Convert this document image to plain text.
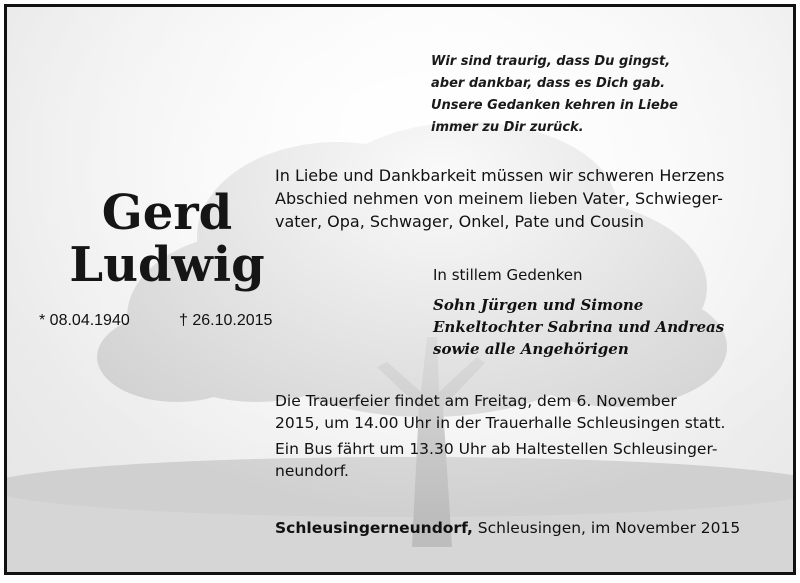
Wir sind traurig, dass Du gingst,
aber dankbar, dass es Dich gab.
Unsere Gedanken kehren in Liebe
immer zu Dir zurück.
In Liebe und Dankbarkeit müssen wir schweren Herzens
Abschied nehmen von meinem lieben Vater, Schwieger-
vater, Opa, Schwager, Onkel, Pate und Cousin
Gerd
Ludwig
* 08.04.1940	† 26.10.2015
In stillem Gedenken
Sohn Jürgen und Simone
Enkeltochter Sabrina und Andreas
sowie alle Angehörigen
Die Trauerfeier findet am Freitag, dem 6. November
2015, um 14.00 Uhr in der Trauerhalle Schleusingen statt.
Ein Bus fährt um 13.30 Uhr ab Haltestellen Schleusinger-
neundorf.
Schleusingerneundorf, Schleusingen, im November 2015
